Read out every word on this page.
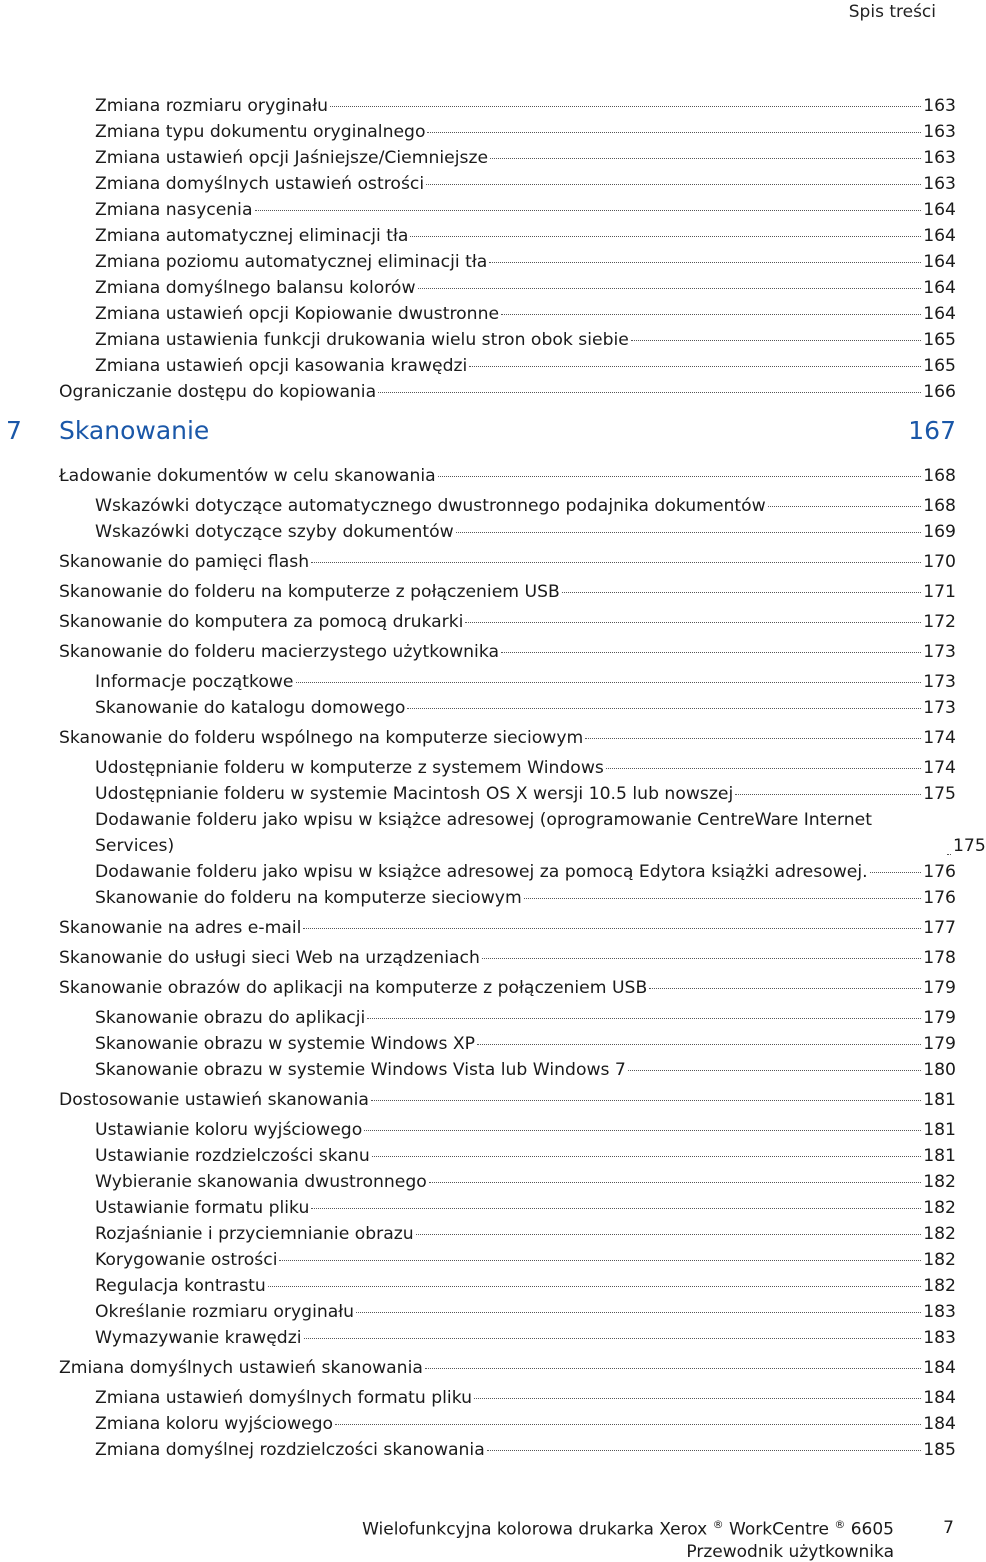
Spis treści
Zmiana rozmiaru oryginału	163
Zmiana typu dokumentu oryginalnego	163
Zmiana ustawień opcji Jaśniejsze/Ciemniejsze	163
Zmiana domyślnych ustawień ostrości	163
Zmiana nasycenia	164
Zmiana automatycznej eliminacji tła	164
Zmiana poziomu automatycznej eliminacji tła	164
Zmiana domyślnego balansu kolorów	164
Zmiana ustawień opcji Kopiowanie dwustronne	164
Zmiana ustawienia funkcji drukowania wielu stron obok siebie	165
Zmiana ustawień opcji kasowania krawędzi	165
Ograniczanie dostępu do kopiowania	166
7 Skanowanie	167
Ładowanie dokumentów w celu skanowania	168
Wskazówki dotyczące automatycznego dwustronnego podajnika dokumentów	168
Wskazówki dotyczące szyby dokumentów	169
Skanowanie do pamięci flash	170
Skanowanie do folderu na komputerze z połączeniem USB	171
Skanowanie do komputera za pomocą drukarki	172
Skanowanie do folderu macierzystego użytkownika	173
Informacje początkowe	173
Skanowanie do katalogu domowego	173
Skanowanie do folderu wspólnego na komputerze sieciowym	174
Udostępnianie folderu w komputerze z systemem Windows	174
Udostępnianie folderu w systemie Macintosh OS X wersji 10.5 lub nowszej	175
Dodawanie folderu jako wpisu w książce adresowej (oprogramowanie CentreWare Internet Services)	175
Dodawanie folderu jako wpisu w książce adresowej za pomocą Edytora książki adresowej.	176
Skanowanie do folderu na komputerze sieciowym	176
Skanowanie na adres e-mail	177
Skanowanie do usługi sieci Web na urządzeniach	178
Skanowanie obrazów do aplikacji na komputerze z połączeniem USB	179
Skanowanie obrazu do aplikacji	179
Skanowanie obrazu w systemie Windows XP	179
Skanowanie obrazu w systemie Windows Vista lub Windows 7	180
Dostosowanie ustawień skanowania	181
Ustawianie koloru wyjściowego	181
Ustawianie rozdzielczości skanu	181
Wybieranie skanowania dwustronnego	182
Ustawianie formatu pliku	182
Rozjaśnianie i przyciemnianie obrazu	182
Korygowanie ostrości	182
Regulacja kontrastu	182
Określanie rozmiaru oryginału	183
Wymazywanie krawędzi	183
Zmiana domyślnych ustawień skanowania	184
Zmiana ustawień domyślnych formatu pliku	184
Zmiana koloru wyjściowego	184
Zmiana domyślnej rozdzielczości skanowania	185
Wielofunkcyjna kolorowa drukarka Xerox ® WorkCentre ® 6605
Przewodnik użytkownika
7
